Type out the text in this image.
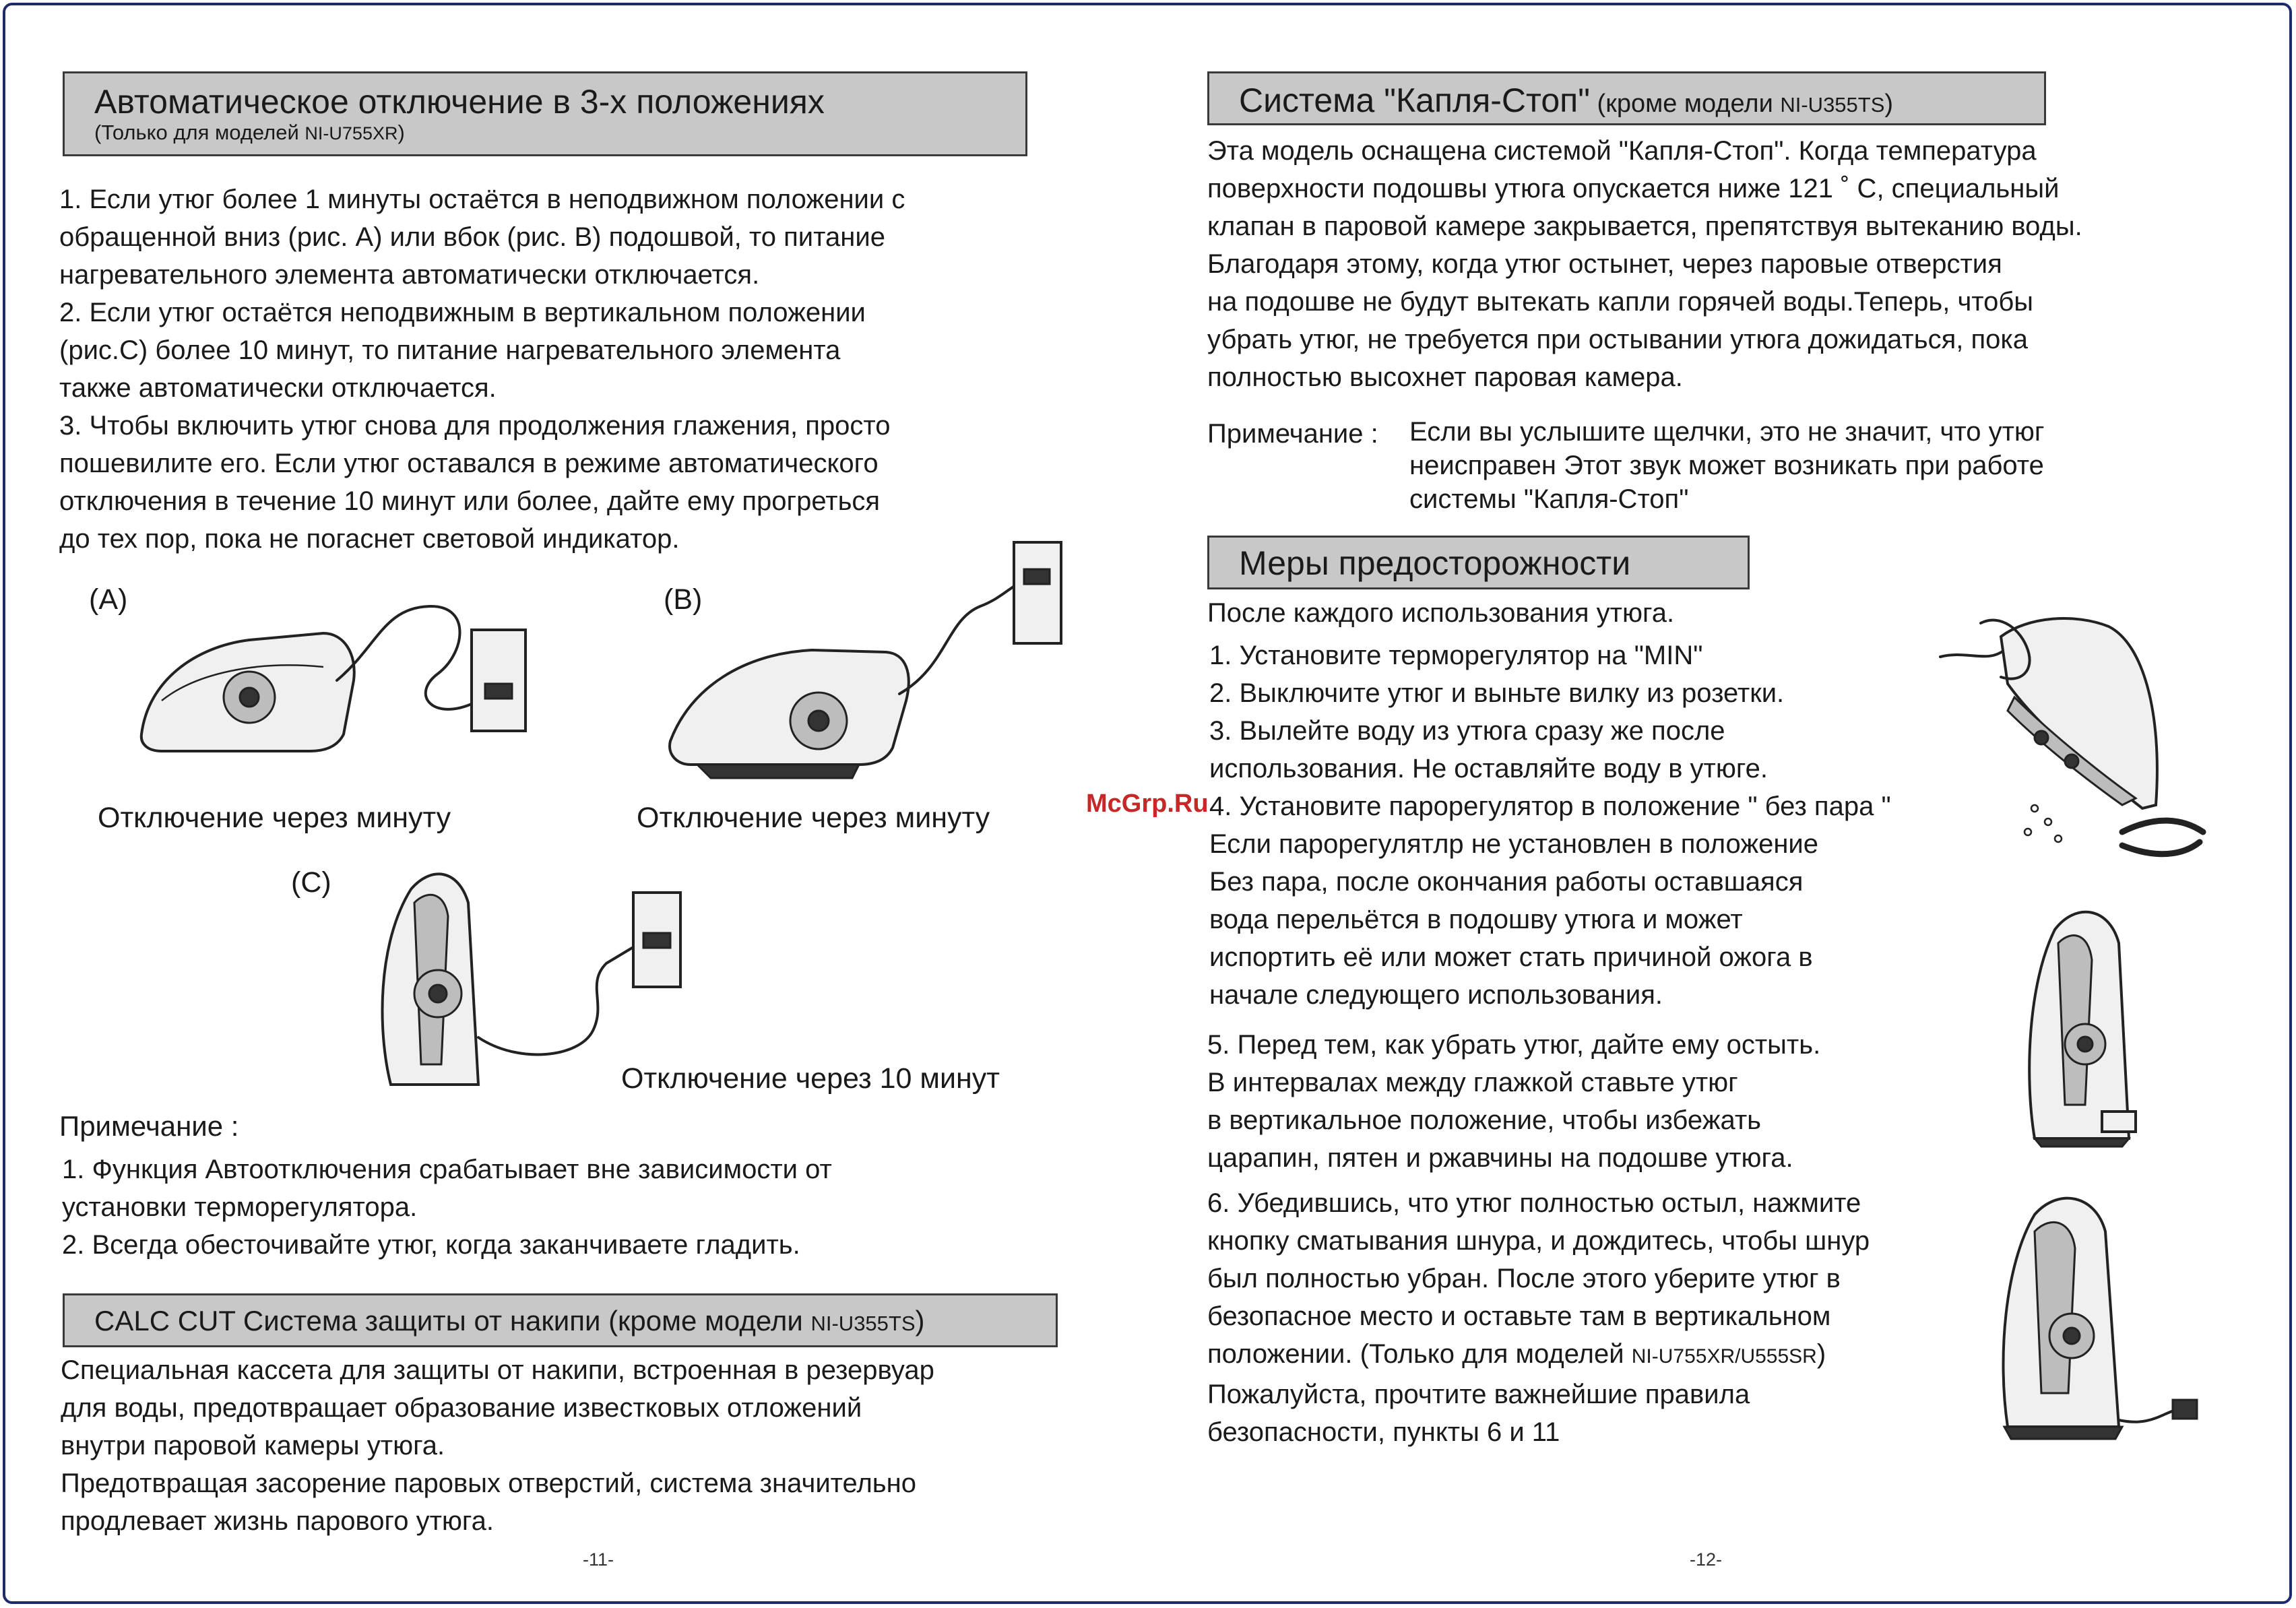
Автоматическое отключение в 3-х положениях
(Только для моделей NI-U755XR)
1. Если утюг более 1 минуты остаётся в неподвижном положении с
обращенной вниз (рис. А) или вбок (рис. В) подошвой, то питание
нагревательного элемента автоматически отключается.
2. Если утюг остаётся неподвижным в вертикальном положении
(рис.С) более 10 минут, то питание нагревательного элемента
также автоматически отключается.
3. Чтобы включить утюг снова для продолжения глажения, просто
пошевилите его. Если утюг оставался в режиме автоматического
отключения в течение 10 минут или более, дайте ему прогреться
до тех пор, пока не погаснет световой индикатор.
(A)
Отключение через минуту
(B)
Отключение через минуту
(C)
Отключение через 10 минут
Примечание :
1. Функция Автоотключения срабатывает вне зависимости от
установки терморегулятора.
2. Всегда обесточивайте утюг, когда заканчиваете гладить.
CALC CUT Система защиты от накипи (кроме модели NI-U355TS)
Специальная кассета для защиты от накипи, встроенная в резервуар
для воды, предотвращает образование известковых отложений
внутри паровой камеры утюга.
Предотвращая засорение паровых отверстий, система значительно
продлевает жизнь парового утюга.
-11-
McGrp.Ru
Система "Капля-Стоп" (кроме модели NI-U355TS)
Эта модель оснащена системой "Капля-Стоп". Когда температура
поверхности подошвы утюга опускается ниже 121 ˚ C, специальный
клапан в паровой камере закрывается, препятствуя вытеканию воды.
Благодаря этому, когда утюг остынет, через паровые отверстия
на подошве не будут вытекать капли горячей воды.Теперь, чтобы
убрать утюг, не требуется при остывании утюга дожидаться, пока
полностью высохнет паровая камера.
Примечание : Если вы услышите щелчки, это не значит, что утюг
неисправен Этот звук может возникать при работе
системы "Капля-Стоп"
Меры предосторожности
После каждого использования утюга.
1. Установите терморегулятор на "MIN"
2. Выключите утюг и выньте вилку из розетки.
3. Вылейте воду из утюга сразу же после
использования. Не оставляйте воду в утюге.
4. Установите парорегулятор в положение " без пара "
Если парорегулятлр не установлен в положение
Без пара, после окончания работы оставшаяся
вода перельётся в подошву утюга и может
испортить её или может стать причиной ожога в
начале следующего использования.
5. Перед тем, как убрать утюг, дайте ему остыть.
В интервалах между глажкой ставьте утюг
в вертикальное положение, чтобы избежать
царапин, пятен и ржавчины на подошве утюга.
6. Убедившись, что утюг полностью остыл, нажмите
кнопку сматывания шнура, и дождитесь, чтобы шнур
был полностью убран. После этого уберите утюг в
безопасное место и оставьте там в вертикальном
положении. (Только для моделей NI-U755XR/U555SR)
Пожалуйста, прочтите важнейшие правила
безопасности, пункты 6 и 11
-12-
